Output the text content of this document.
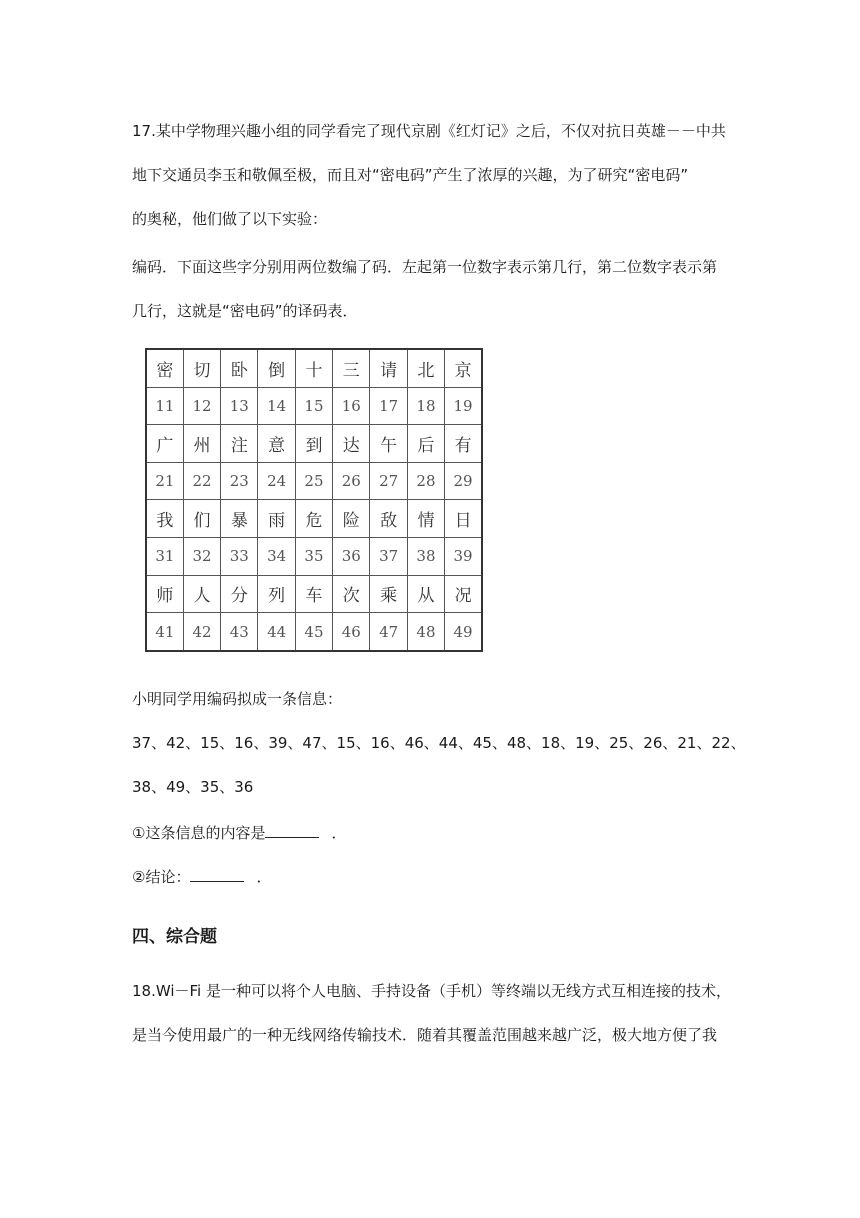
17.某中学物理兴趣小组的同学看完了现代京剧《红灯记》之后，不仅对抗日英雄－－中共

地下交通员李玉和敬佩至极，而且对“密电码”产生了浓厚的兴趣，为了研究“密电码”

的奥秘，他们做了以下实验：

编码．下面这些字分别用两位数编了码．左起第一位数字表示第几行，第二位数字表示第

几行，这就是“密电码”的译码表．

密	切	卧	倒	十	三	请	北	京
11	12	13	14	15	16	17	18	19
广	州	注	意	到	达	午	后	有
21	22	23	24	25	26	27	28	29
我	们	暴	雨	危	险	敌	情	日
31	32	33	34	35	36	37	38	39
师	人	分	列	车	次	乘	从	况
41	42	43	44	45	46	47	48	49

小明同学用编码拟成一条信息：

37、42、15、16、39、47、15、16、46、44、45、48、18、19、25、26、21、22、

38、49、35、36

①这条信息的内容是	．

②结论：	．

四、综合题

18.Wi－Fi 是一种可以将个人电脑、手持设备（手机）等终端以无线方式互相连接的技术，

是当今使用最广的一种无线网络传输技术．随着其覆盖范围越来越广泛，极大地方便了我
